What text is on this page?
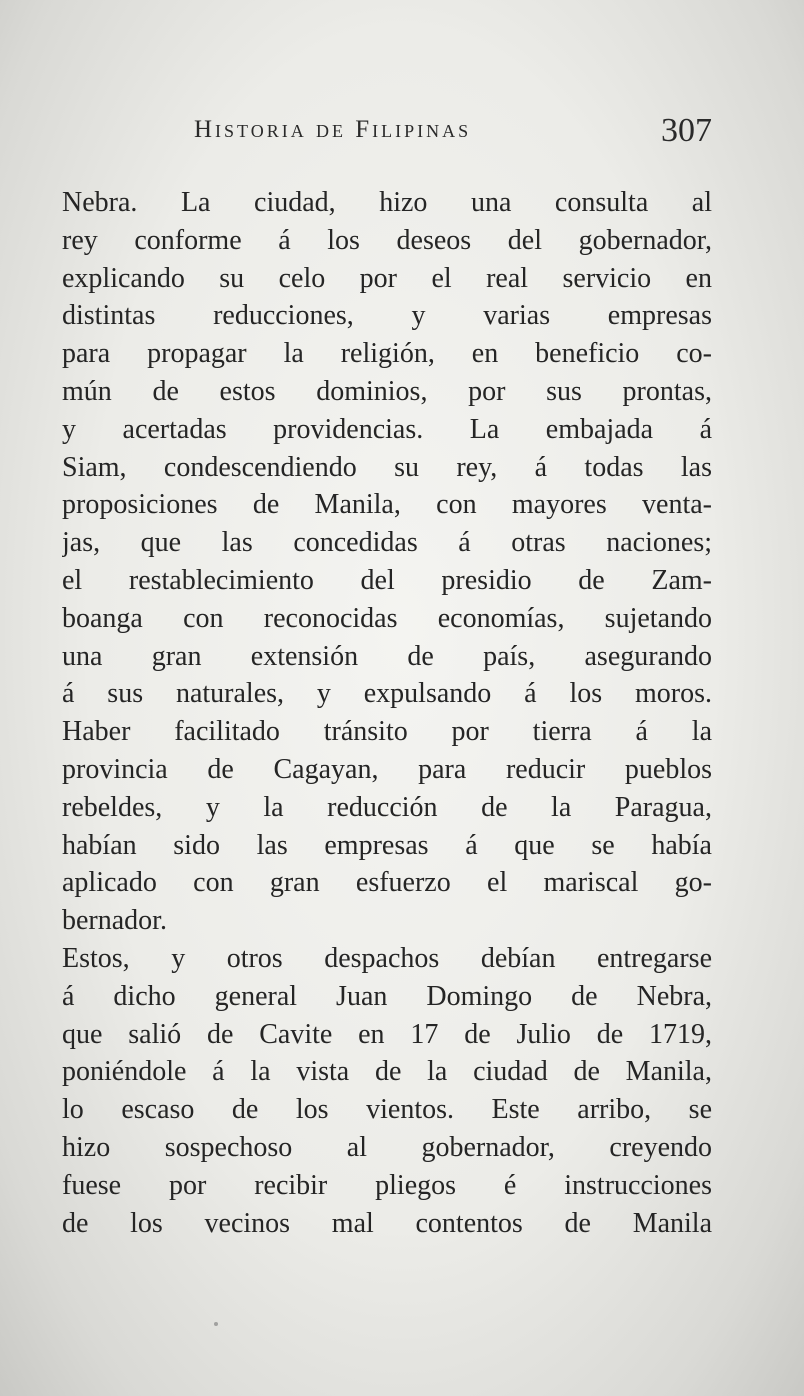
Historia de Filipinas	307
Nebra. La ciudad, hizo una consulta al
rey conforme á los deseos del gobernador,
explicando su celo por el real servicio en
distintas reducciones, y varias empresas
para propagar la religión, en beneficio co-
mún de estos dominios, por sus prontas,
y acertadas providencias. La embajada á
Siam, condescendiendo su rey, á todas las
proposiciones de Manila, con mayores venta-
jas, que las concedidas á otras naciones;
el restablecimiento del presidio de Zam-
boanga con reconocidas economías, sujetando
una gran extensión de país, asegurando
á sus naturales, y expulsando á los moros.
Haber facilitado tránsito por tierra á la
provincia de Cagayan, para reducir pueblos
rebeldes, y la reducción de la Paragua,
habían sido las empresas á que se había
aplicado con gran esfuerzo el mariscal go-
bernador.
Estos, y otros despachos debían entregarse
á dicho general Juan Domingo de Nebra,
que salió de Cavite en 17 de Julio de 1719,
poniéndole á la vista de la ciudad de Manila,
lo escaso de los vientos. Este arribo, se
hizo sospechoso al gobernador, creyendo
fuese por recibir pliegos é instrucciones
de los vecinos mal contentos de Manila
